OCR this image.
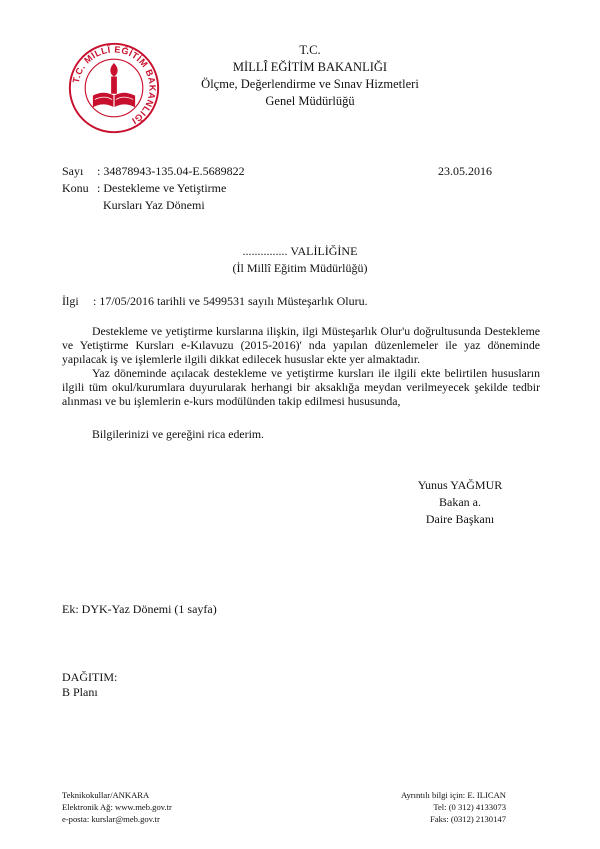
T.C. MİLLÎ EĞİTİM BAKANLIĞI
T.C.
MİLLÎ EĞİTİM BAKANLIĞI
Ölçme, Değerlendirme ve Sınav Hizmetleri
Genel Müdürlüğü
Sayı : 34878943-135.04-E.5689822	23.05.2016
Konu : Destekleme ve Yetiştirme
Kursları Yaz Dönemi
............... VALİLİĞİNE
(İl Millî Eğitim Müdürlüğü)
İlgi : 17/05/2016 tarihli ve 5499531 sayılı Müsteşarlık Oluru.
Destekleme ve yetiştirme kurslarına ilişkin, ilgi Müsteşarlık Olur'u doğrultusunda Destekleme ve Yetiştirme Kursları e-Kılavuzu (2015-2016)' nda yapılan düzenlemeler ile yaz döneminde yapılacak iş ve işlemlerle ilgili dikkat edilecek hususlar ekte yer almaktadır.
Yaz döneminde açılacak destekleme ve yetiştirme kursları ile ilgili ekte belirtilen hususların ilgili tüm okul/kurumlara duyurularak herhangi bir aksaklığa meydan verilmeyecek şekilde tedbir alınması ve bu işlemlerin e-kurs modülünden takip edilmesi hususunda,
Bilgilerinizi ve gereğini rica ederim.
Yunus YAĞMUR
Bakan a.
Daire Başkanı
Ek: DYK-Yaz Dönemi (1 sayfa)
DAĞITIM:
B Planı
Teknikokullar/ANKARA
Elektronik Ağ: www.meb.gov.tr
e-posta: kurslar@meb.gov.tr
Ayrıntılı bilgi için: E. ILICAN
Tel: (0 312) 4133073
Faks: (0312) 2130147
